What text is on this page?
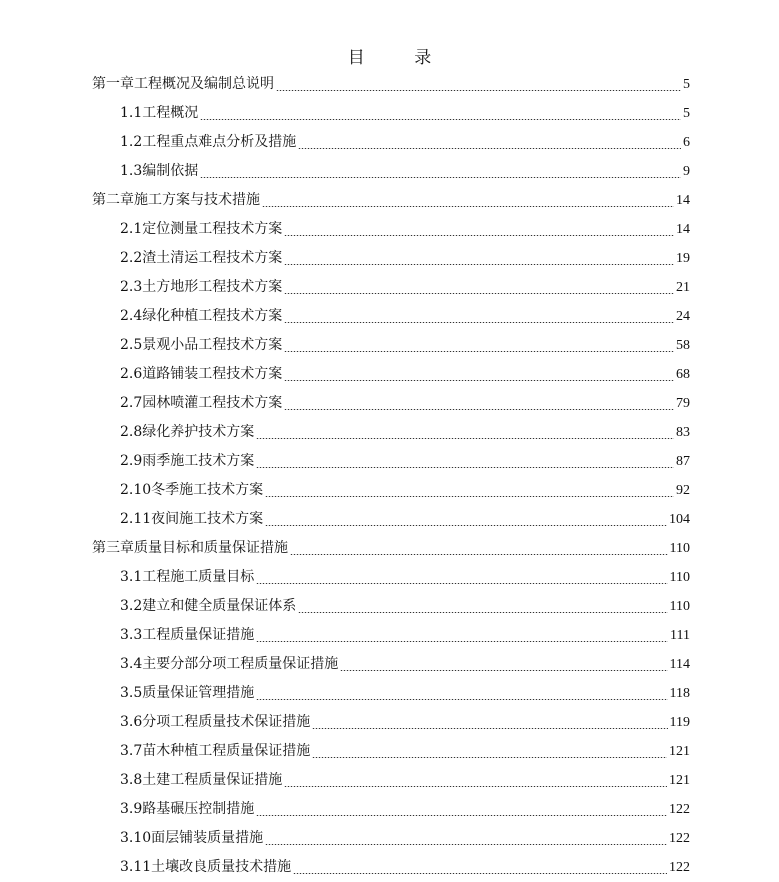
目 录
第一章工程概况及编制总说明	5
1.1工程概况	5
1.2工程重点难点分析及措施	6
1.3编制依据	9
第二章施工方案与技术措施	14
2.1定位测量工程技术方案	14
2.2渣土清运工程技术方案	19
2.3土方地形工程技术方案	21
2.4绿化种植工程技术方案	24
2.5景观小品工程技术方案	58
2.6道路铺装工程技术方案	68
2.7园林喷灌工程技术方案	79
2.8绿化养护技术方案	83
2.9雨季施工技术方案	87
2.10冬季施工技术方案	92
2.11夜间施工技术方案	104
第三章质量目标和质量保证措施	110
3.1工程施工质量目标	110
3.2建立和健全质量保证体系	110
3.3工程质量保证措施	111
3.4主要分部分项工程质量保证措施	114
3.5质量保证管理措施	118
3.6分项工程质量技术保证措施	119
3.7苗木种植工程质量保证措施	121
3.8土建工程质量保证措施	121
3.9路基碾压控制措施	122
3.10面层铺装质量措施	122
3.11土壤改良质量技术措施	122
